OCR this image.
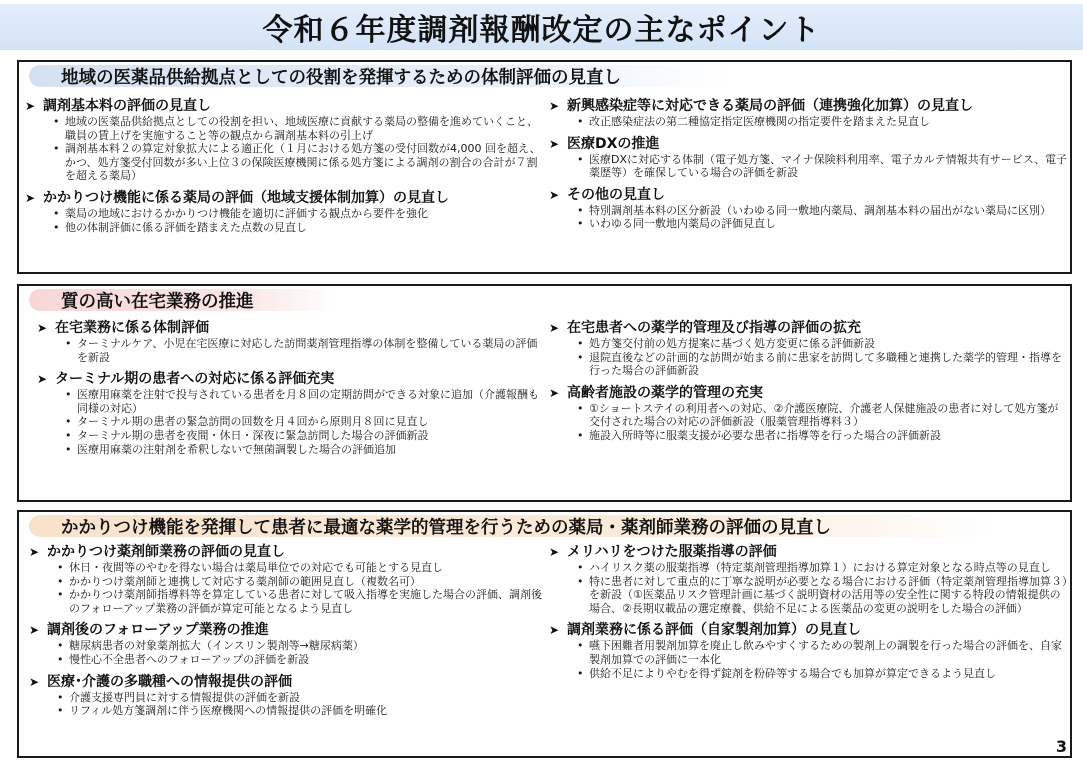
令和６年度調剤報酬改定の主なポイント
地域の医薬品供給拠点としての役割を発揮するための体制評価の見直し
➤ 調剤基本料の評価の見直し
• 地域の医薬品供給拠点としての役割を担い、地域医療に貢献する薬局の整備を進めていくこと、職員の賃上げを実施すること等の観点から調剤基本料の引上げ
• 調剤基本料２の算定対象拡大による適正化（１月における処方箋の受付回数が4,000 回を超え、かつ、処方箋受付回数が多い上位３の保険医療機関に係る処方箋による調剤の割合の合計が７割を超える薬局）
➤ かかりつけ機能に係る薬局の評価（地域支援体制加算）の見直し
• 薬局の地域におけるかかりつけ機能を適切に評価する観点から要件を強化
• 他の体制評価に係る評価を踏まえた点数の見直し
➤ 新興感染症等に対応できる薬局の評価（連携強化加算）の見直し
• 改正感染症法の第二種協定指定医療機関の指定要件を踏まえた見直し
➤ 医療DXの推進
• 医療DXに対応する体制（電子処方箋、マイナ保険料利用率、電子カルテ情報共有サービス、電子薬歴等）を確保している場合の評価を新設
➤ その他の見直し
• 特別調剤基本料の区分新設（いわゆる同一敷地内薬局、調剤基本料の届出がない薬局に区別）
• いわゆる同一敷地内薬局の評価見直し
質の高い在宅業務の推進
➤ 在宅業務に係る体制評価
• ターミナルケア、小児在宅医療に対応した訪問薬剤管理指導の体制を整備している薬局の評価を新設
➤ ターミナル期の患者への対応に係る評価充実
• 医療用麻薬を注射で投与されている患者を月８回の定期訪問ができる対象に追加（介護報酬も同様の対応）
• ターミナル期の患者の緊急訪問の回数を月４回から原則月８回に見直し
• ターミナル期の患者を夜間・休日・深夜に緊急訪問した場合の評価新設
• 医療用麻薬の注射剤を希釈しないで無菌調製した場合の評価追加
➤ 在宅患者への薬学的管理及び指導の評価の拡充
• 処方箋交付前の処方提案に基づく処方変更に係る評価新設
• 退院直後などの計画的な訪問が始まる前に患家を訪問して多職種と連携した薬学的管理・指導を行った場合の評価新設
➤ 高齢者施設の薬学的管理の充実
• ①ショートステイの利用者への対応、②介護医療院、介護老人保健施設の患者に対して処方箋が交付された場合の対応の評価新設（服薬管理指導料３）
• 施設入所時等に服薬支援が必要な患者に指導等を行った場合の評価新設
かかりつけ機能を発揮して患者に最適な薬学的管理を行うための薬局・薬剤師業務の評価の見直し
➤ かかりつけ薬剤師業務の評価の見直し
• 休日・夜間等のやむを得ない場合は薬局単位での対応でも可能とする見直し
• かかりつけ薬剤師と連携して対応する薬剤師の範囲見直し（複数名可）
• かかりつけ薬剤師指導料等を算定している患者に対して吸入指導を実施した場合の評価、調剤後のフォローアップ業務の評価が算定可能となるよう見直し
➤ 調剤後のフォローアップ業務の推進
• 糖尿病患者の対象薬剤拡大（インスリン製剤等→糖尿病薬）
• 慢性心不全患者へのフォローアップの評価を新設
➤ 医療･介護の多職種への情報提供の評価
• 介護支援専門員に対する情報提供の評価を新設
• リフィル処方箋調剤に伴う医療機関への情報提供の評価を明確化
➤ メリハリをつけた服薬指導の評価
• ハイリスク薬の服薬指導（特定薬剤管理指導加算１）における算定対象となる時点等の見直し
• 特に患者に対して重点的に丁寧な説明が必要となる場合における評価（特定薬剤管理指導加算３）を新設（①医薬品リスク管理計画に基づく説明資材の活用等の安全性に関する特段の情報提供の場合、②長期収載品の選定療養、供給不足による医薬品の変更の説明をした場合の評価）
➤ 調剤業務に係る評価（自家製剤加算）の見直し
• 嚥下困難者用製剤加算を廃止し飲みやすくするための製剤上の調製を行った場合の評価を、自家製剤加算での評価に一本化
• 供給不足によりやむを得ず錠剤を粉砕等する場合でも加算が算定できるよう見直し
3
